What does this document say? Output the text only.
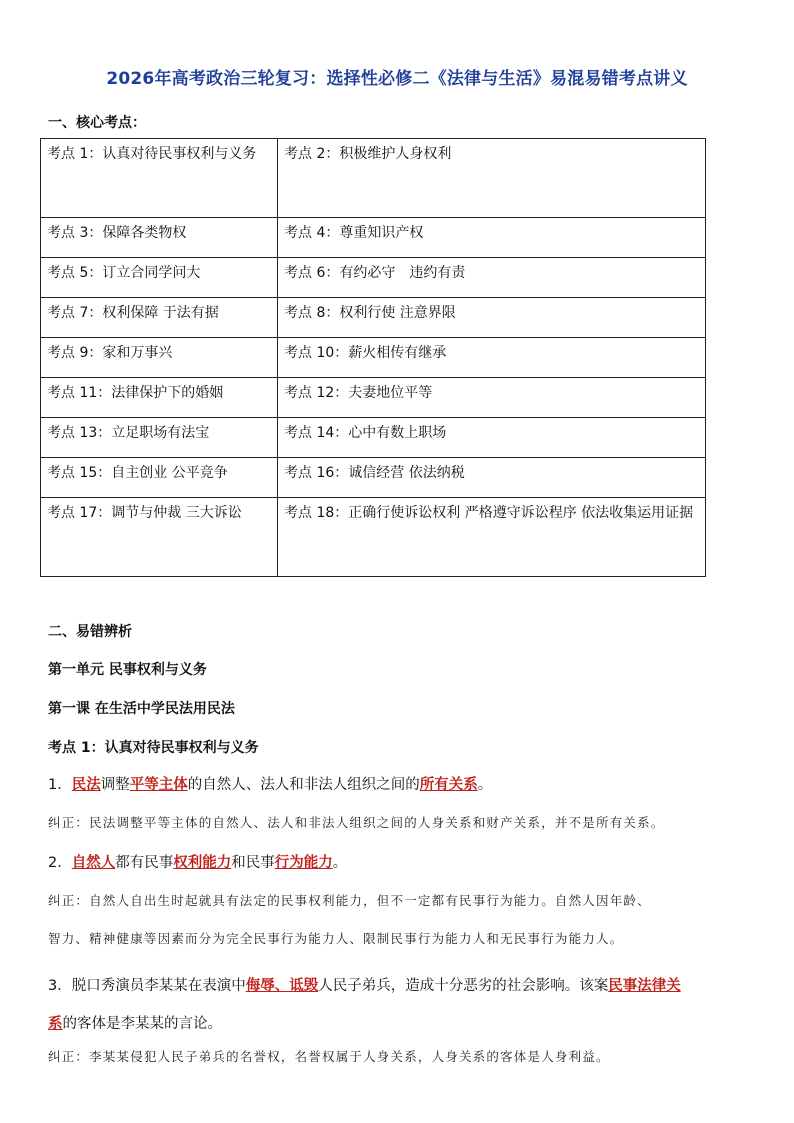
2026年高考政治三轮复习：选择性必修二《法律与生活》易混易错考点讲义
一、核心考点：
考点 1：认真对待民事权利与义务	考点 2：积极维护人身权利

考点 3：保障各类物权	考点 4：尊重知识产权

考点 5：订立合同学问大	考点 6：有约必守　违约有责

考点 7：权利保障 于法有据	考点 8：权利行使 注意界限

考点 9：家和万事兴	考点 10：薪火相传有继承

考点 11：法律保护下的婚姻	考点 12：夫妻地位平等

考点 13：立足职场有法宝	考点 14：心中有数上职场

考点 15：自主创业 公平竞争	考点 16：诚信经营 依法纳税

考点 17：调节与仲裁 三大诉讼	考点 18：正确行使诉讼权利 严格遵守诉讼程序 依法收集运用证据
二、易错辨析
第一单元 民事权利与义务
第一课 在生活中学民法用民法
考点 1：认真对待民事权利与义务
1．民法调整平等主体的自然人、法人和非法人组织之间的所有关系。
纠正：民法调整平等主体的自然人、法人和非法人组织之间的人身关系和财产关系，并不是所有关系。
2．自然人都有民事权利能力和民事行为能力。
纠正：自然人自出生时起就具有法定的民事权利能力，但不一定都有民事行为能力。自然人因年龄、
智力、精神健康等因素而分为完全民事行为能力人、限制民事行为能力人和无民事行为能力人。
3．脱口秀演员李某某在表演中侮辱、诋毁人民子弟兵，造成十分恶劣的社会影响。该案民事法律关
系的客体是李某某的言论。
纠正：李某某侵犯人民子弟兵的名誉权，名誉权属于人身关系，人身关系的客体是人身利益。
